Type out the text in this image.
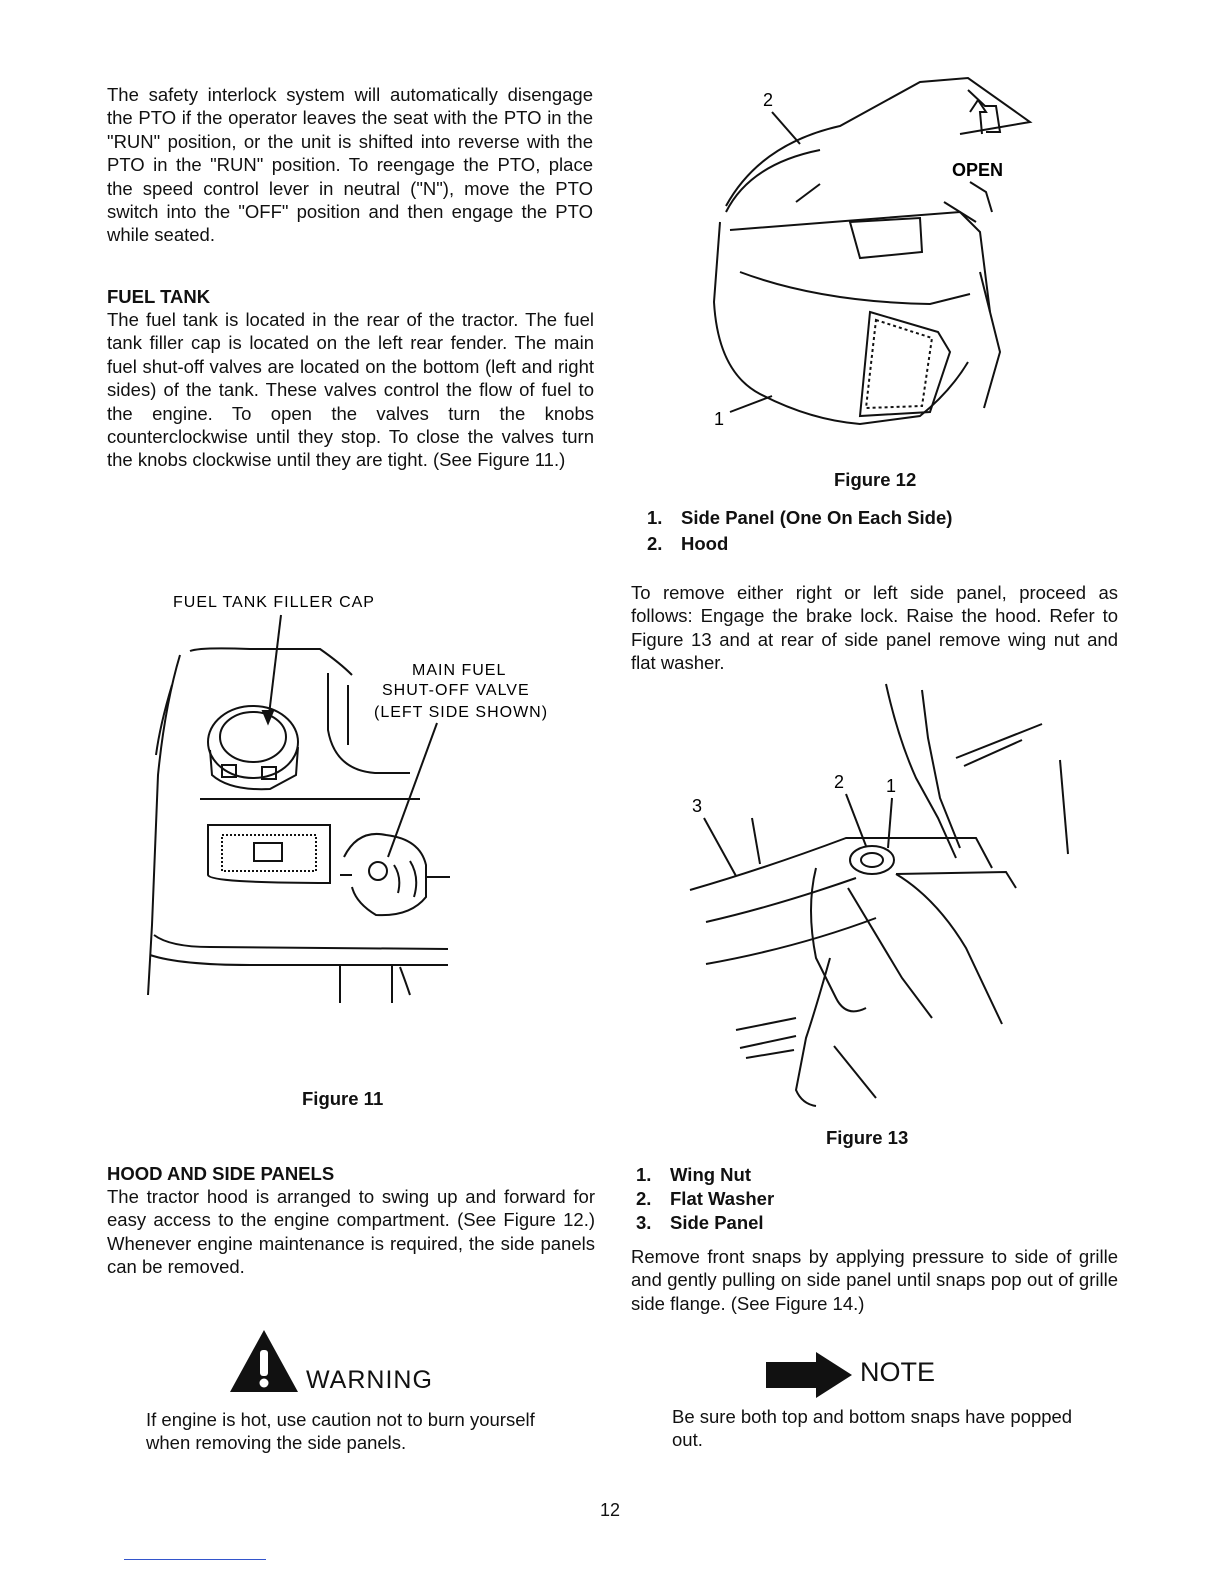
The safety interlock system will automatically disengage the PTO if the operator leaves the seat with the PTO in the "RUN" position, or the unit is shifted into reverse with the PTO in the "RUN" position. To reengage the PTO, place the speed control lever in neutral ("N"), move the PTO switch into the "OFF" position and then engage the PTO while seated.

FUEL TANK

The fuel tank is located in the rear of the tractor. The fuel tank filler cap is located on the left rear fender. The main fuel shut-off valves are located on the bottom (left and right sides) of the tank. These valves control the flow of fuel to the engine. To open the valves turn the knobs counterclockwise until they stop. To close the valves turn the knobs clockwise until they are tight. (See Figure 11.)

FUEL TANK FILLER CAP
MAIN FUEL
SHUT-OFF VALVE
(LEFT SIDE SHOWN)
Figure 11

HOOD AND SIDE PANELS

The tractor hood is arranged to swing up and forward for easy access to the engine compartment. (See Figure 12.) Whenever engine maintenance is required, the side panels can be removed.

WARNING

If engine is hot, use caution not to burn yourself when removing the side panels.

2
1
OPEN
Figure 12
1.	Side Panel (One On Each Side)
2.	Hood

To remove either right or left side panel, proceed as follows: Engage the brake lock. Raise the hood. Refer to Figure 13 and at rear of side panel remove wing nut and flat washer.

3
2 1
Figure 13
1.	Wing Nut
2.	Flat Washer
3.	Side Panel

Remove front snaps by applying pressure to side of grille and gently pulling on side panel until snaps pop out of grille side flange. (See Figure 14.)

NOTE

Be sure both top and bottom snaps have popped out.

12
